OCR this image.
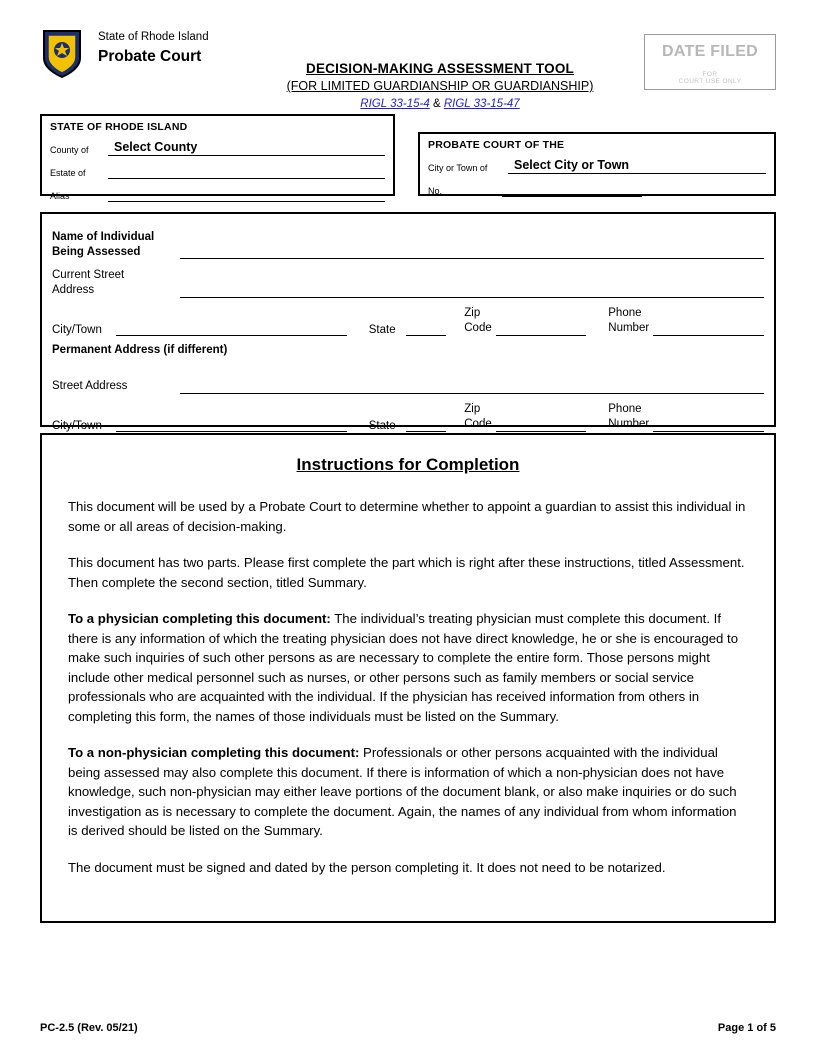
State of Rhode Island
Probate Court
DECISION-MAKING ASSESSMENT TOOL
(FOR LIMITED GUARDIANSHIP OR GUARDIANSHIP)
RIGL 33-15-4 & RIGL 33-15-47
DATE FILED
FOR
COURT USE ONLY
STATE OF RHODE ISLAND
County of	Select County
Estate of
Alias
PROBATE COURT OF THE
City or Town of	Select City or Town
No.
Name of Individual
Being Assessed
Current Street
Address
City/Town	State
Zip
Code
Phone
Number
Permanent Address (if different)
Street Address
City/Town	State
Zip
Code
Phone
Number
Instructions for Completion

This document will be used by a Probate Court to determine whether to appoint a guardian to assist this individual in some or all areas of decision-making.

This document has two parts. Please first complete the part which is right after these instructions, titled Assessment. Then complete the second section, titled Summary.

To a physician completing this document: The individual’s treating physician must complete this document. If there is any information of which the treating physician does not have direct knowledge, he or she is encouraged to make such inquiries of such other persons as are necessary to complete the entire form. Those persons might include other medical personnel such as nurses, or other persons such as family members or social service professionals who are acquainted with the individual. If the physician has received information from others in completing this form, the names of those individuals must be listed on the Summary.

To a non-physician completing this document: Professionals or other persons acquainted with the individual being assessed may also complete this document. If there is information of which a non-physician does not have knowledge, such non-physician may either leave portions of the document blank, or also make inquiries or do such investigation as is necessary to complete the document. Again, the names of any individual from whom information is derived should be listed on the Summary.

The document must be signed and dated by the person completing it. It does not need to be notarized.

PC-2.5 (Rev. 05/21)	Page 1 of 5
